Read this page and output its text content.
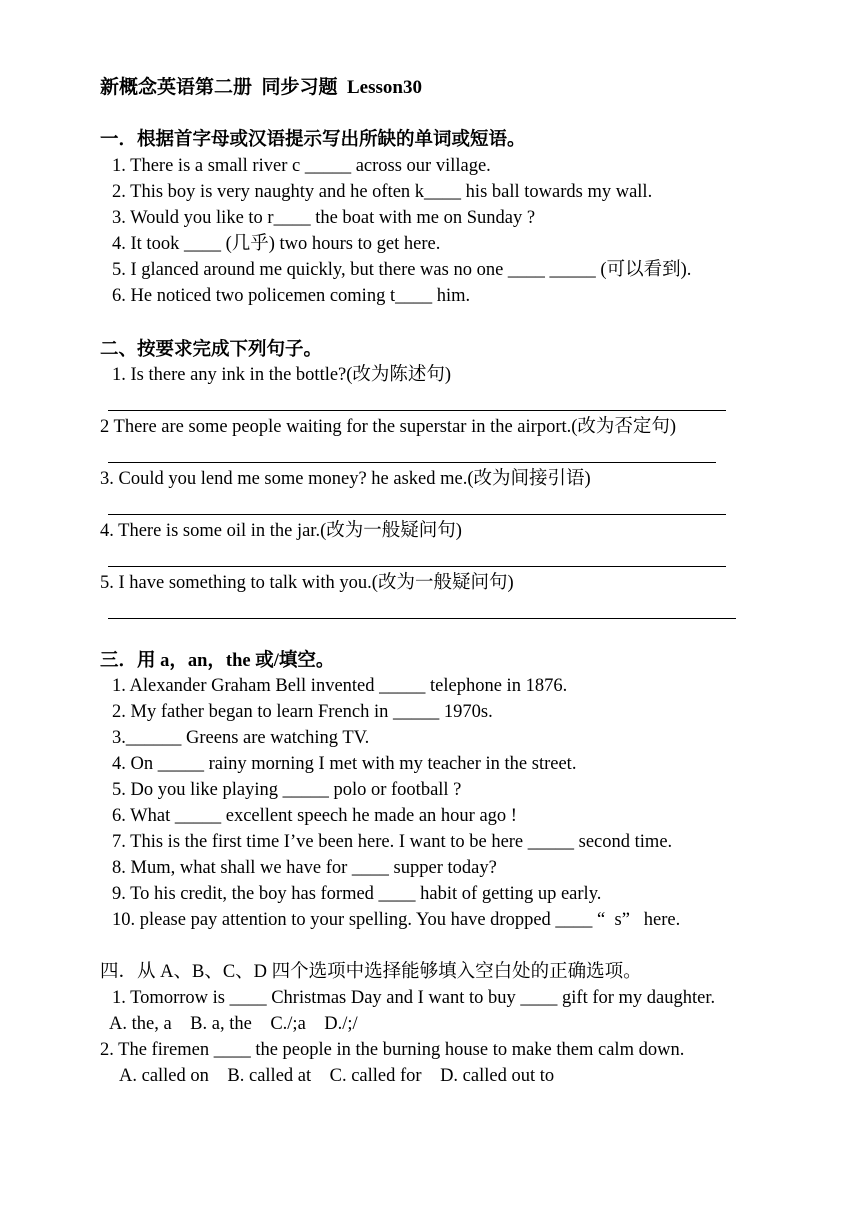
新概念英语第二册  同步习题  Lesson30
一．根据首字母或汉语提示写出所缺的单词或短语。
1. There is a small river c _____ across our village.
2. This boy is very naughty and he often k____ his ball towards my wall.
3. Would you like to r____ the boat with me on Sunday ?
4. It took ____ (几乎) two hours to get here.
5. I glanced around me quickly, but there was no one ____ _____ (可以看到).
6. He noticed two policemen coming t____ him.
二、按要求完成下列句子。
1. Is there any ink in the bottle?(改为陈述句)
2 There are some people waiting for the superstar in the airport.(改为否定句)
3. Could you lend me some money? he asked me.(改为间接引语)
4. There is some oil in the jar.(改为一般疑问句)
5. I have something to talk with you.(改为一般疑问句)
三．用 a，an，the 或/填空。
1. Alexander Graham Bell invented _____ telephone in 1876.
2. My father began to learn French in _____ 1970s.
3.______ Greens are watching TV.
4. On _____ rainy morning I met with my teacher in the street.
5. Do you like playing _____ polo or football ?
6. What _____ excellent speech he made an hour ago !
7. This is the first time I’ve been here. I want to be here _____ second time.
8. Mum, what shall we have for ____ supper today?
9. To his credit, the boy has formed ____ habit of getting up early.
10. please pay attention to your spelling. You have dropped ____ “  s”   here.
四．从 A、B、C、D 四个选项中选择能够填入空白处的正确选项。
1. Tomorrow is ____ Christmas Day and I want to buy ____ gift for my daughter.
A. the, a    B. a, the    C./;a    D./;/
2. The firemen ____ the people in the burning house to make them calm down.
A. called on    B. called at    C. called for    D. called out to
